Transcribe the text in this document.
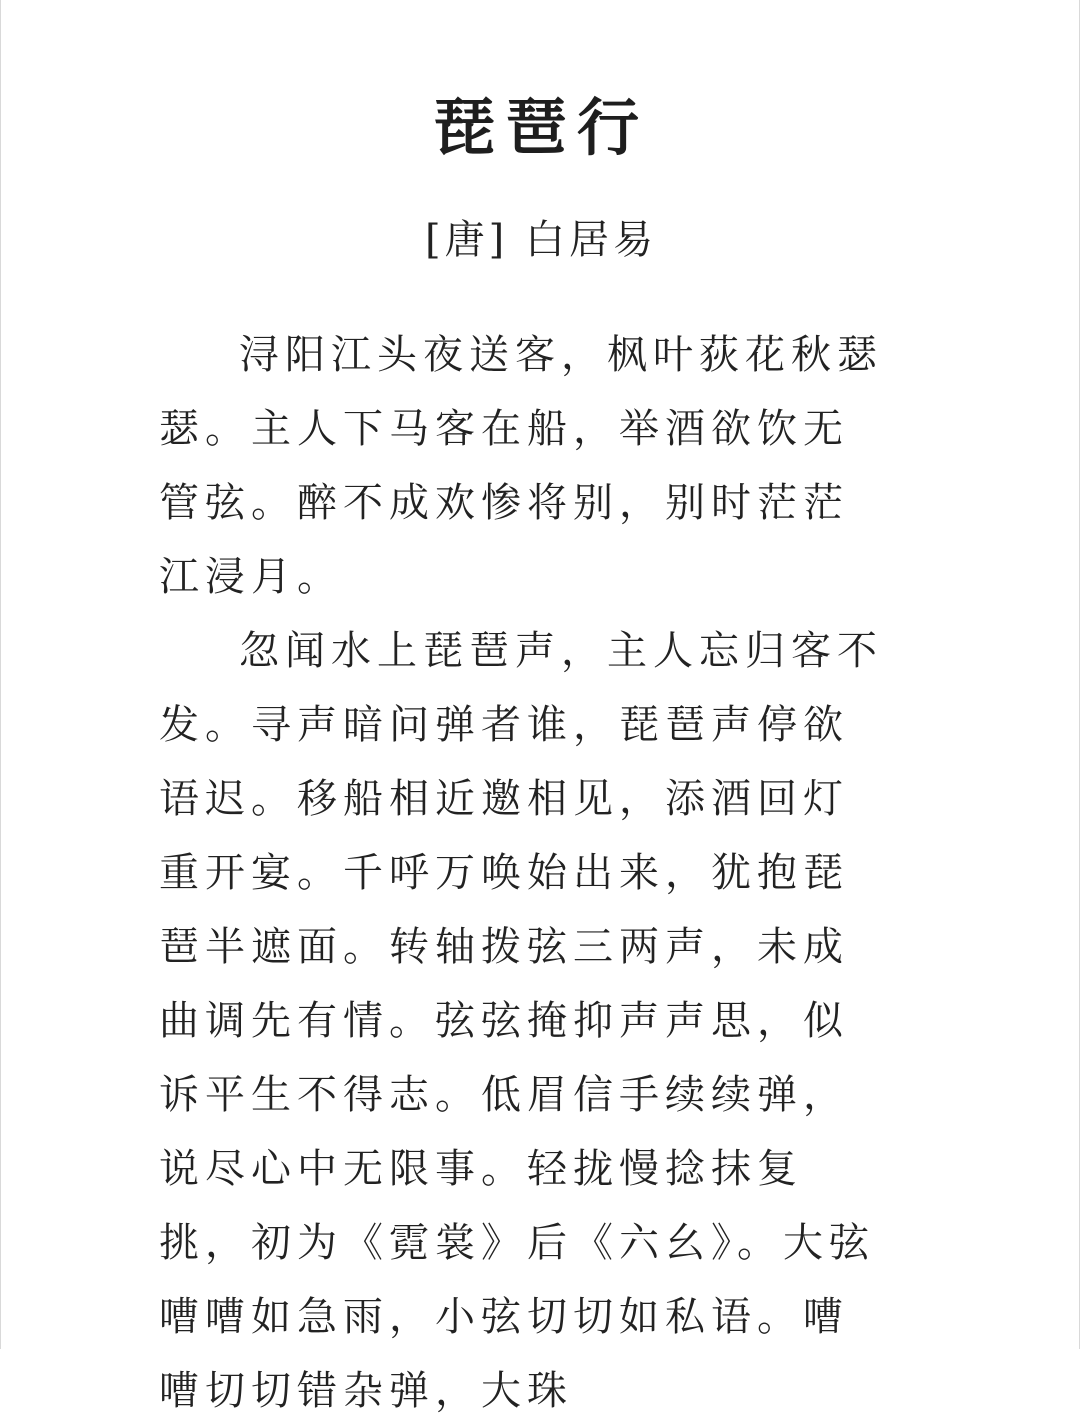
琵琶行
[唐] 白居易

浔阳江头夜送客，枫叶荻花秋瑟瑟。主人下马客在船，举酒欲饮无管弦。醉不成欢惨将别，别时茫茫江浸月。

忽闻水上琵琶声，主人忘归客不发。寻声暗问弹者谁，琵琶声停欲语迟。移船相近邀相见，添酒回灯重开宴。千呼万唤始出来，犹抱琵琶半遮面。转轴拨弦三两声，未成曲调先有情。弦弦掩抑声声思，似诉平生不得志。低眉信手续续弹，说尽心中无限事。轻拢慢捻抹复挑，初为《霓裳》后《六幺》。大弦嘈嘈如急雨，小弦切切如私语。嘈嘈切切错杂弹，大珠
